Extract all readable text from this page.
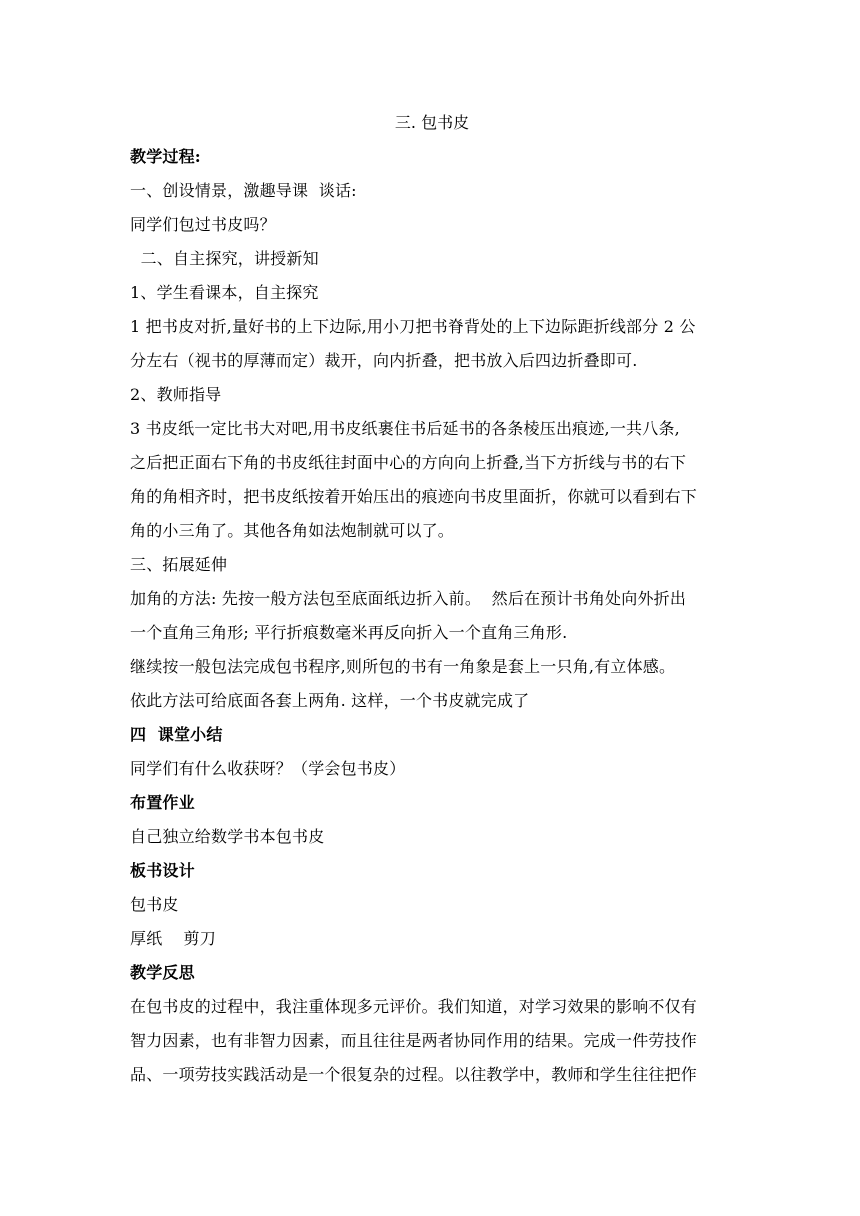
三. 包书皮

教学过程:

一、创设情景，激趣导课  谈话:

同学们包过书皮吗？

二、自主探究，讲授新知

1、学生看课本，自主探究

1 把书皮对折,量好书的上下边际,用小刀把书脊背处的上下边际距折线部分 2 公

分左右（视书的厚薄而定）裁开，向内折叠，把书放入后四边折叠即可.

2、教师指导

3 书皮纸一定比书大对吧,用书皮纸裹住书后延书的各条棱压出痕迹,一共八条,

之后把正面右下角的书皮纸往封面中心的方向向上折叠,当下方折线与书的右下

角的角相齐时，把书皮纸按着开始压出的痕迹向书皮里面折，你就可以看到右下

角的小三角了。其他各角如法炮制就可以了。

三、拓展延伸

加角的方法: 先按一般方法包至底面纸边折入前。  然后在预计书角处向外折出

一个直角三角形; 平行折痕数毫米再反向折入一个直角三角形.

继续按一般包法完成包书程序,则所包的书有一角象是套上一只角,有立体感。

依此方法可给底面各套上两角. 这样，一个书皮就完成了

四  课堂小结

同学们有什么收获呀？（学会包书皮）

布置作业

自己独立给数学书本包书皮

板书设计

包书皮

厚纸    剪刀

教学反思

在包书皮的过程中，我注重体现多元评价。我们知道，对学习效果的影响不仅有

智力因素，也有非智力因素，而且往往是两者协同作用的结果。完成一件劳技作

品、一项劳技实践活动是一个很复杂的过程。以往教学中，教师和学生往往把作
